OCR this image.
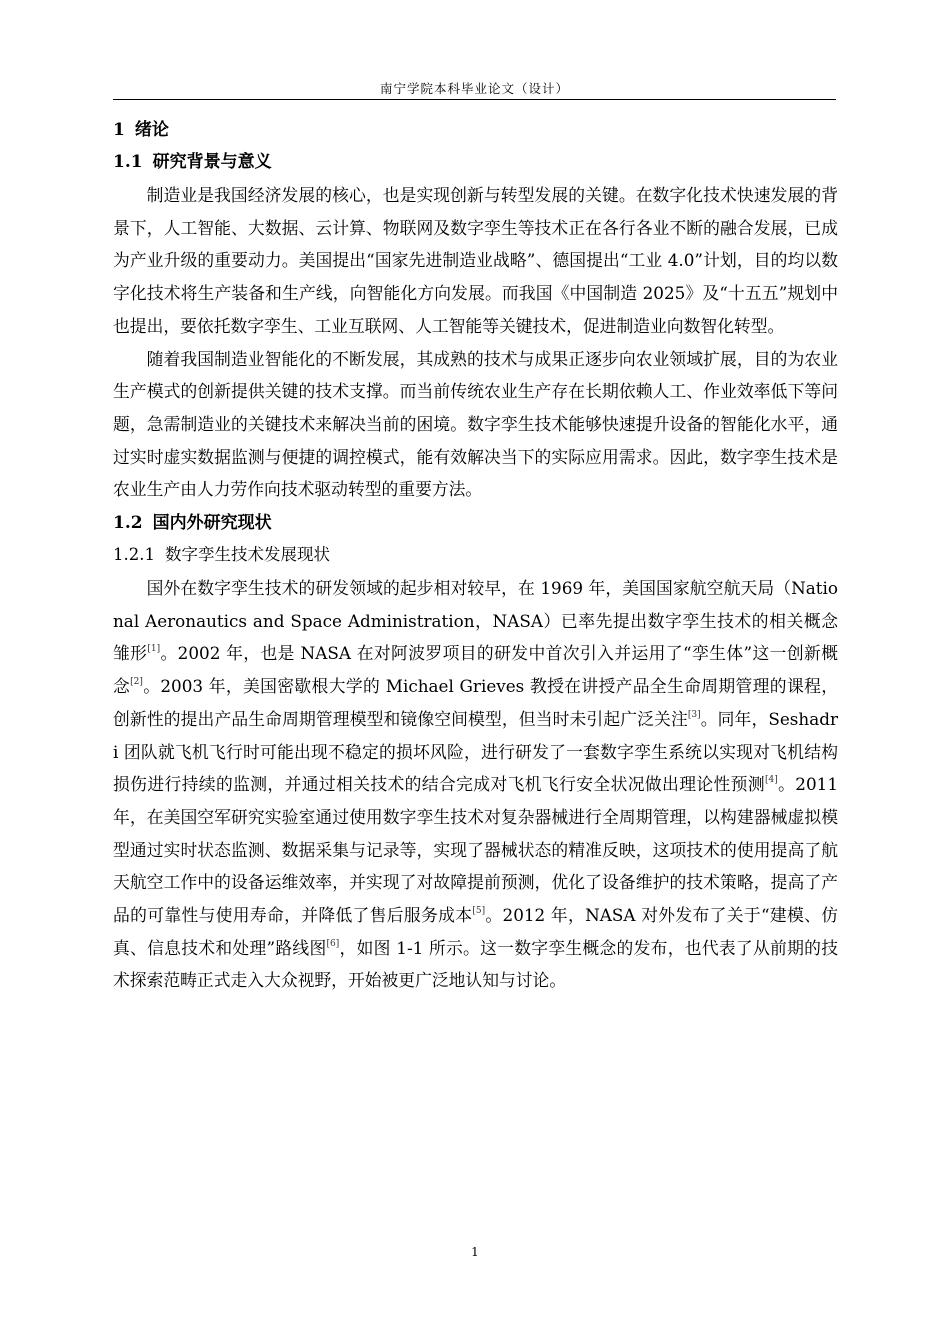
南宁学院本科毕业论文（设计）
1 绪论
1.1 研究背景与意义

制造业是我国经济发展的核心，也是实现创新与转型发展的关键。在数字化技术快速发展的背景下，人工智能、大数据、云计算、物联网及数字孪生等技术正在各行各业不断的融合发展，已成为产业升级的重要动力。美国提出“国家先进制造业战略”、德国提出“工业 4.0”计划，目的均以数字化技术将生产装备和生产线，向智能化方向发展。而我国《中国制造 2025》及“十五五”规划中也提出，要依托数字孪生、工业互联网、人工智能等关键技术，促进制造业向数智化转型。

随着我国制造业智能化的不断发展，其成熟的技术与成果正逐步向农业领域扩展，目的为农业生产模式的创新提供关键的技术支撑。而当前传统农业生产存在长期依赖人工、作业效率低下等问题，急需制造业的关键技术来解决当前的困境。数字孪生技术能够快速提升设备的智能化水平，通过实时虚实数据监测与便捷的调控模式，能有效解决当下的实际应用需求。因此，数字孪生技术是农业生产由人力劳作向技术驱动转型的重要方法。

1.2 国内外研究现状
1.2.1 数字孪生技术发展现状

国外在数字孪生技术的研发领域的起步相对较早，在 1969 年，美国国家航空航天局（National Aeronautics and Space Administration，NASA）已率先提出数字孪生技术的相关概念雏形[1]。2002 年，也是 NASA 在对阿波罗项目的研发中首次引入并运用了“孪生体”这一创新概念[2]。2003 年，美国密歇根大学的 Michael Grieves 教授在讲授产品全生命周期管理的课程，创新性的提出产品生命周期管理模型和镜像空间模型，但当时未引起广泛关注[3]。同年，Seshadri 团队就飞机飞行时可能出现不稳定的损坏风险，进行研发了一套数字孪生系统以实现对飞机结构损伤进行持续的监测，并通过相关技术的结合完成对飞机飞行安全状况做出理论性预测[4]。2011 年，在美国空军研究实验室通过使用数字孪生技术对复杂器械进行全周期管理，以构建器械虚拟模型通过实时状态监测、数据采集与记录等，实现了器械状态的精准反映，这项技术的使用提高了航天航空工作中的设备运维效率，并实现了对故障提前预测，优化了设备维护的技术策略，提高了产品的可靠性与使用寿命，并降低了售后服务成本[5]。2012 年，NASA 对外发布了关于“建模、仿真、信息技术和处理”路线图[6]，如图 1-1 所示。这一数字孪生概念的发布，也代表了从前期的技术探索范畴正式走入大众视野，开始被更广泛地认知与讨论。

1
